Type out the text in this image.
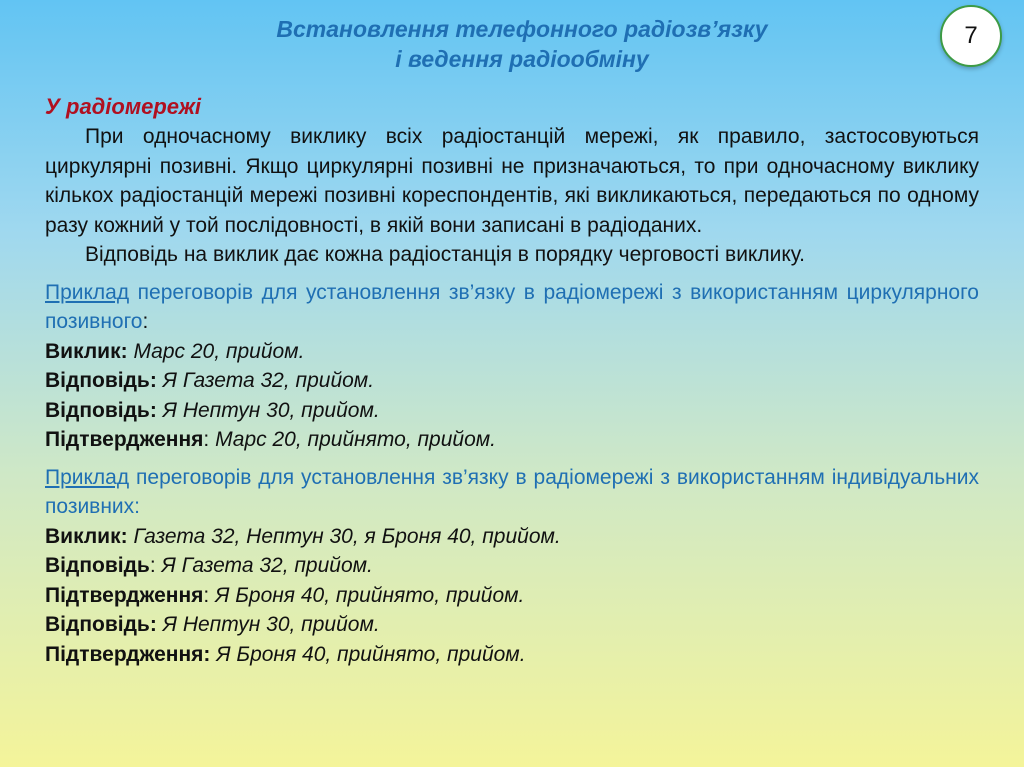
Встановлення телефонного радіозв’язку
і ведення радіообміну
7
У радіомережі

При одночасному виклику всіх радіостанцій мережі, як правило, застосовуються циркулярні позивні. Якщо циркулярні позивні не призначаються, то при одночасному виклику кількох радіостанцій мережі позивні кореспондентів, які викликаються, передаються по одному разу кожний у той послідовності, в якій вони записані в радіоданих.

Відповідь на виклик дає кожна радіостанція в порядку черговості виклику.

Приклад переговорів для установлення зв’язку в радіомережі з використанням циркулярного позивного:

Виклик: Марс 20, прийом.

Відповідь: Я Газета 32, прийом.

Відповідь: Я Нептун 30, прийом.

Підтвердження: Марс 20, прийнято, прийом.

Приклад переговорів для установлення зв’язку в радіомережі з використанням індивідуальних позивних:

Виклик: Газета 32, Нептун 30, я Броня 40, прийом.

Відповідь: Я Газета 32, прийом.

Підтвердження: Я Броня 40, прийнято, прийом.

Відповідь: Я Нептун 30, прийом.

Підтвердження: Я Броня 40, прийнято, прийом.
